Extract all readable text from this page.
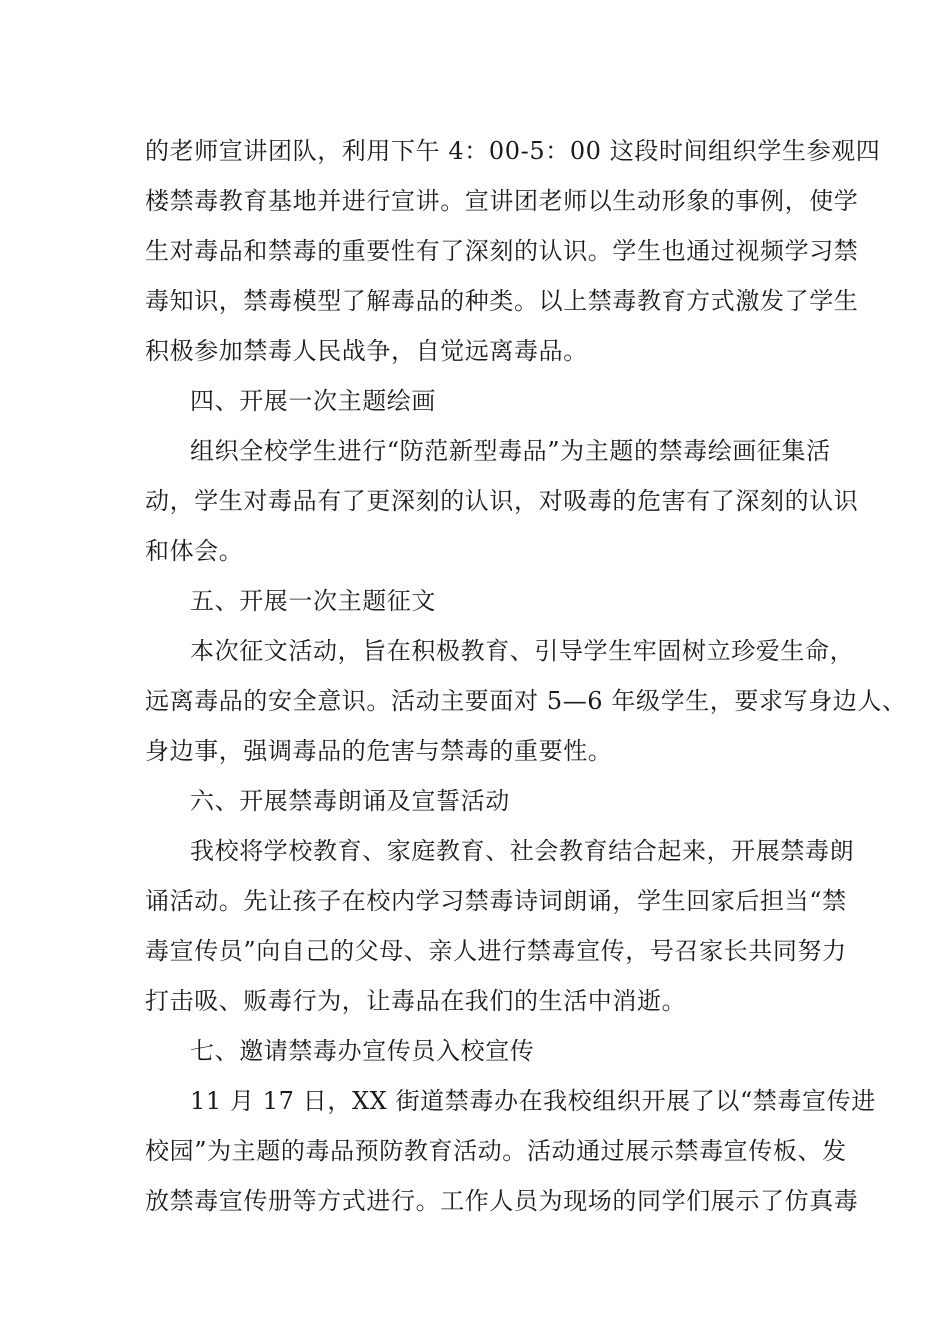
的老师宣讲团队，利用下午 4：00-5：00 这段时间组织学生参观四
楼禁毒教育基地并进行宣讲。宣讲团老师以生动形象的事例，使学
生对毒品和禁毒的重要性有了深刻的认识。学生也通过视频学习禁
毒知识，禁毒模型了解毒品的种类。以上禁毒教育方式激发了学生
积极参加禁毒人民战争，自觉远离毒品。
四、开展一次主题绘画
组织全校学生进行“防范新型毒品”为主题的禁毒绘画征集活
动，学生对毒品有了更深刻的认识，对吸毒的危害有了深刻的认识
和体会。
五、开展一次主题征文
本次征文活动，旨在积极教育、引导学生牢固树立珍爱生命，
远离毒品的安全意识。活动主要面对 5—6 年级学生，要求写身边人、
身边事，强调毒品的危害与禁毒的重要性。
六、开展禁毒朗诵及宣誓活动
我校将学校教育、家庭教育、社会教育结合起来，开展禁毒朗
诵活动。先让孩子在校内学习禁毒诗词朗诵，学生回家后担当“禁
毒宣传员”向自己的父母、亲人进行禁毒宣传，号召家长共同努力
打击吸、贩毒行为，让毒品在我们的生活中消逝。
七、邀请禁毒办宣传员入校宣传
11 月 17 日，XX 街道禁毒办在我校组织开展了以“禁毒宣传进
校园”为主题的毒品预防教育活动。活动通过展示禁毒宣传板、发
放禁毒宣传册等方式进行。工作人员为现场的同学们展示了仿真毒
